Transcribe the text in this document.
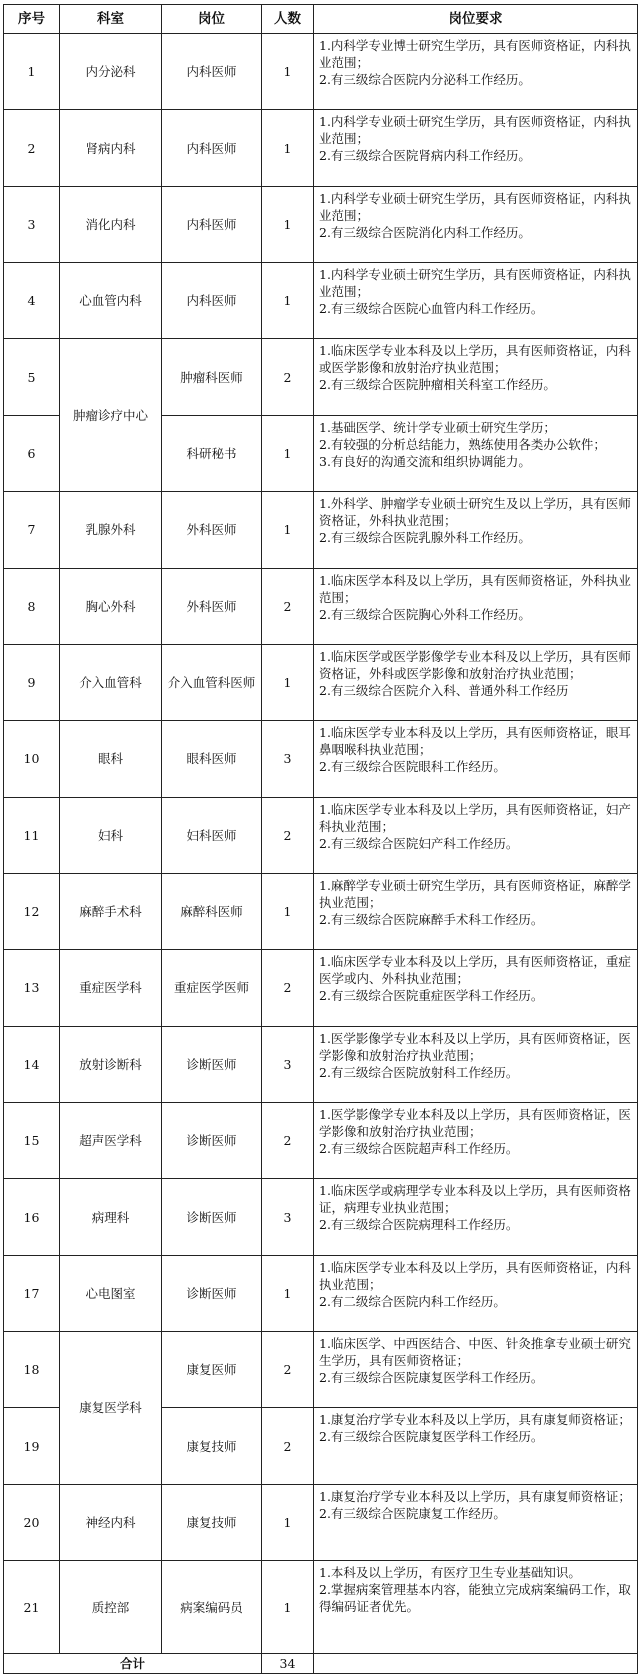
序号	科室	岗位	人数	岗位要求
1	内分泌科	内科医师	1	1.内科学专业博士研究生学历，具有医师资格证，内科执业范围；
2.有三级综合医院内分泌科工作经历。

2	肾病内科	内科医师	1	1.内科学专业硕士研究生学历，具有医师资格证，内科执业范围；
2.有三级综合医院肾病内科工作经历。

3	消化内科	内科医师	1	1.内科学专业硕士研究生学历，具有医师资格证，内科执业范围；
2.有三级综合医院消化内科工作经历。

4	心血管内科	内科医师	1	1.内科学专业硕士研究生学历，具有医师资格证，内科执业范围；
2.有三级综合医院心血管内科工作经历。

5	肿瘤诊疗中心	肿瘤科医师	2	1.临床医学专业本科及以上学历，具有医师资格证，内科或医学影像和放射治疗执业范围；
2.有三级综合医院肿瘤相关科室工作经历。

6		科研秘书	1	1.基础医学、统计学专业硕士研究生学历；
2.有较强的分析总结能力，熟练使用各类办公软件；
3.有良好的沟通交流和组织协调能力。

7	乳腺外科	外科医师	1	1.外科学、肿瘤学专业硕士研究生及以上学历，具有医师资格证，外科执业范围；
2.有三级综合医院乳腺外科工作经历。

8	胸心外科	外科医师	2	1.临床医学本科及以上学历，具有医师资格证，外科执业范围；
2.有三级综合医院胸心外科工作经历。

9	介入血管科	介入血管科医师	1	1.临床医学或医学影像学专业本科及以上学历，具有医师资格证，外科或医学影像和放射治疗执业范围；
2.有三级综合医院介入科、普通外科工作经历

10	眼科	眼科医师	3	1.临床医学专业本科及以上学历，具有医师资格证，眼耳鼻咽喉科执业范围；
2.有三级综合医院眼科工作经历。

11	妇科	妇科医师	2	1.临床医学专业本科及以上学历，具有医师资格证，妇产科执业范围；
2.有三级综合医院妇产科工作经历。

12	麻醉手术科	麻醉科医师	1	1.麻醉学专业硕士研究生学历，具有医师资格证，麻醉学执业范围；
2.有三级综合医院麻醉手术科工作经历。

13	重症医学科	重症医学医师	2	1.临床医学专业本科及以上学历，具有医师资格证，重症医学或内、外科执业范围；
2.有三级综合医院重症医学科工作经历。

14	放射诊断科	诊断医师	3	1.医学影像学专业本科及以上学历，具有医师资格证，医学影像和放射治疗执业范围；
2.有三级综合医院放射科工作经历。

15	超声医学科	诊断医师	2	1.医学影像学专业本科及以上学历，具有医师资格证，医学影像和放射治疗执业范围；
2.有三级综合医院超声科工作经历。

16	病理科	诊断医师	3	1.临床医学或病理学专业本科及以上学历，具有医师资格证，病理专业执业范围；
2.有三级综合医院病理科工作经历。

17	心电图室	诊断医师	1	1.临床医学专业本科及以上学历，具有医师资格证，内科执业范围；
2.有二级综合医院内科工作经历。

18	康复医学科	康复医师	2	1.临床医学、中西医结合、中医、针灸推拿专业硕士研究生学历，具有医师资格证；
2.有三级综合医院康复医学科工作经历。

19		康复技师	2	1.康复治疗学专业本科及以上学历，具有康复师资格证；
2.有三级综合医院康复医学科工作经历。

20	神经内科	康复技师	1	1.康复治疗学专业本科及以上学历，具有康复师资格证；
2.有三级综合医院康复工作经历。

21	质控部	病案编码员	1	1.本科及以上学历，有医疗卫生专业基础知识。
2.掌握病案管理基本内容，能独立完成病案编码工作，取得编码证者优先。

合计			34	
